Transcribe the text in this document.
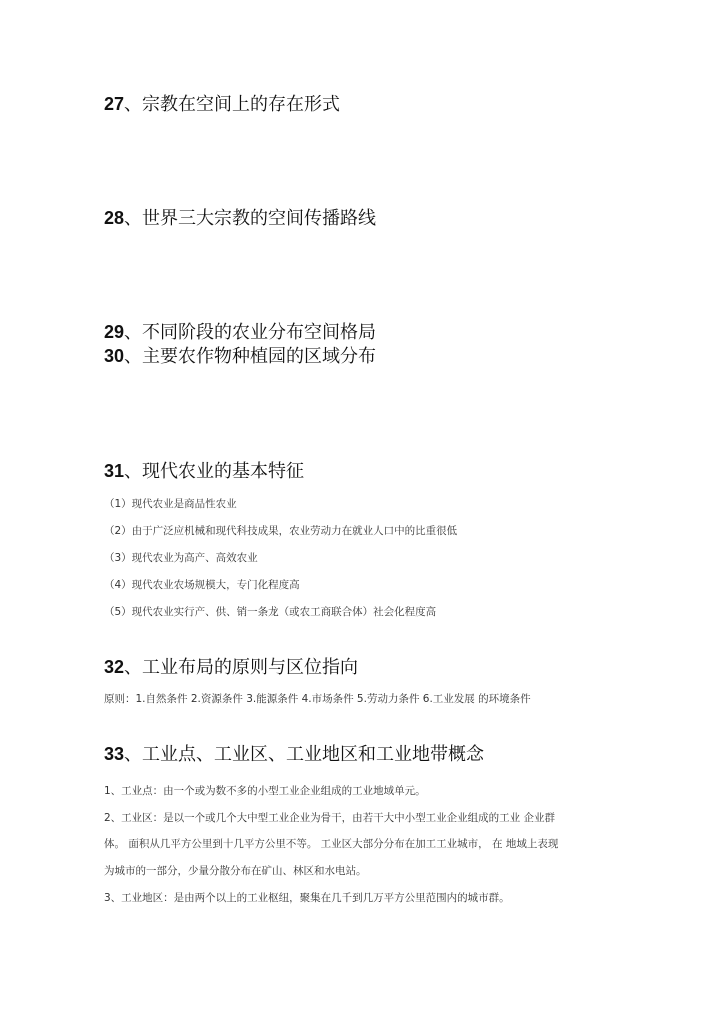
27、宗教在空间上的存在形式
28、世界三大宗教的空间传播路线
29、不同阶段的农业分布空间格局
30、主要农作物种植园的区域分布
31、现代农业的基本特征
（1）现代农业是商品性农业
（2）由于广泛应机械和现代科技成果，农业劳动力在就业人口中的比重很低
（3）现代农业为高产、高效农业
（4）现代农业农场规模大，专门化程度高
（5）现代农业实行产、供、销一条龙（或农工商联合体）社会化程度高
32、工业布局的原则与区位指向
原则：1.自然条件 2.资源条件 3.能源条件 4.市场条件 5.劳动力条件 6.工业发展 的环境条件
33、工业点、工业区、工业地区和工业地带概念
1、工业点：由一个或为数不多的小型工业企业组成的工业地域单元。
2、工业区：是以一个或几个大中型工业企业为骨干，由若干大中小型工业企业组成的工业 企业群
体。 面积从几平方公里到十几平方公里不等。 工业区大部分分布在加工工业城市， 在 地域上表现
为城市的一部分，少量分散分布在矿山、林区和水电站。
3、工业地区：是由两个以上的工业枢纽，聚集在几千到几万平方公里范围内的城市群。
